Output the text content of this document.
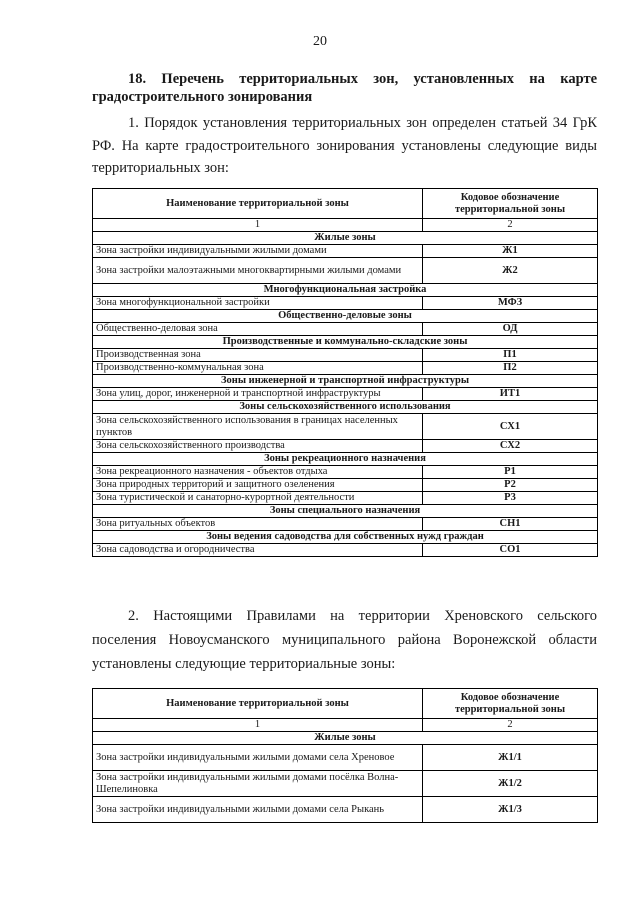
20
18. Перечень территориальных зон, установленных на карте градостроительного зонирования
1. Порядок установления территориальных зон определен статьей 34 ГрК РФ. На карте градостроительного зонирования установлены следующие виды территориальных зон:
Наименование территориальной зоны	Кодовое обозначение территориальной зоны
1	2
Жилые зоны	
Зона застройки индивидуальными жилыми домами	Ж1
Зона застройки малоэтажными многоквартирными жилыми домами	Ж2
Многофункциональная застройка	
Зона многофункциональной застройки	МФЗ
Общественно-деловые зоны	
Общественно-деловая зона	ОД
Производственные и коммунально-складские зоны	
Производственная зона	П1
Производственно-коммунальная зона	П2
Зоны инженерной и транспортной инфраструктуры	
Зона улиц, дорог, инженерной и транспортной инфраструктуры	ИТ1
Зоны сельскохозяйственного использования	
Зона сельскохозяйственного использования в границах населенных пунктов	СХ1
Зона сельскохозяйственного производства	СХ2
Зоны рекреационного назначения	
Зона рекреационного назначения - объектов отдыха	Р1
Зона природных территорий и защитного озеленения	Р2
Зона туристической и санаторно-курортной деятельности	Р3
Зоны специального назначения	
Зона ритуальных объектов	СН1
Зоны ведения садоводства для собственных нужд граждан	
Зона садоводства и огородничества	СО1
2. Настоящими Правилами на территории Хреновского сельского поселения Новоусманского муниципального района Воронежской области установлены следующие территориальные зоны:
Наименование территориальной зоны	Кодовое обозначение территориальной зоны
1	2
Жилые зоны	
Зона застройки индивидуальными жилыми домами села Хреновое	Ж1/1
Зона застройки индивидуальными жилыми домами посёлка Волна-Шепелиновка	Ж1/2
Зона застройки индивидуальными жилыми домами села Рыкань	Ж1/3
